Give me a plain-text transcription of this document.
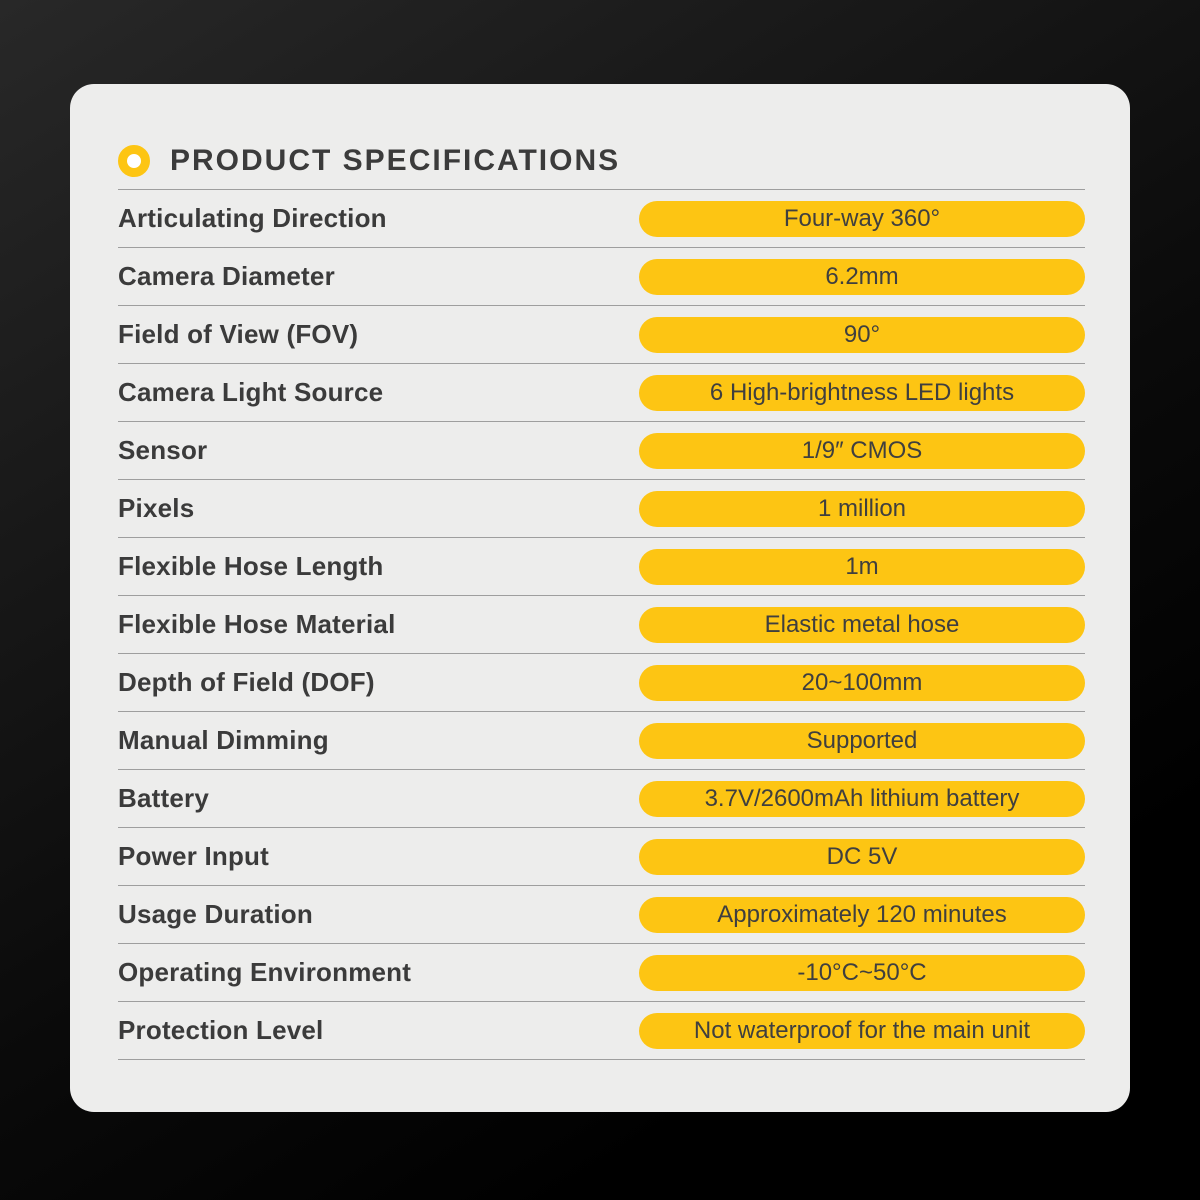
PRODUCT SPECIFICATIONS
Articulating Direction	Four-way 360°
Camera Diameter	6.2mm
Field of View (FOV)	90°
Camera Light Source	6 High-brightness LED lights
Sensor	1/9″ CMOS
Pixels	1 million
Flexible Hose Length	1m
Flexible Hose Material	Elastic metal hose
Depth of Field (DOF)	20~100mm
Manual Dimming	Supported
Battery	3.7V/2600mAh lithium battery
Power Input	DC 5V
Usage Duration	Approximately 120 minutes
Operating Environment	-10°C~50°C
Protection Level	Not waterproof for the main unit
